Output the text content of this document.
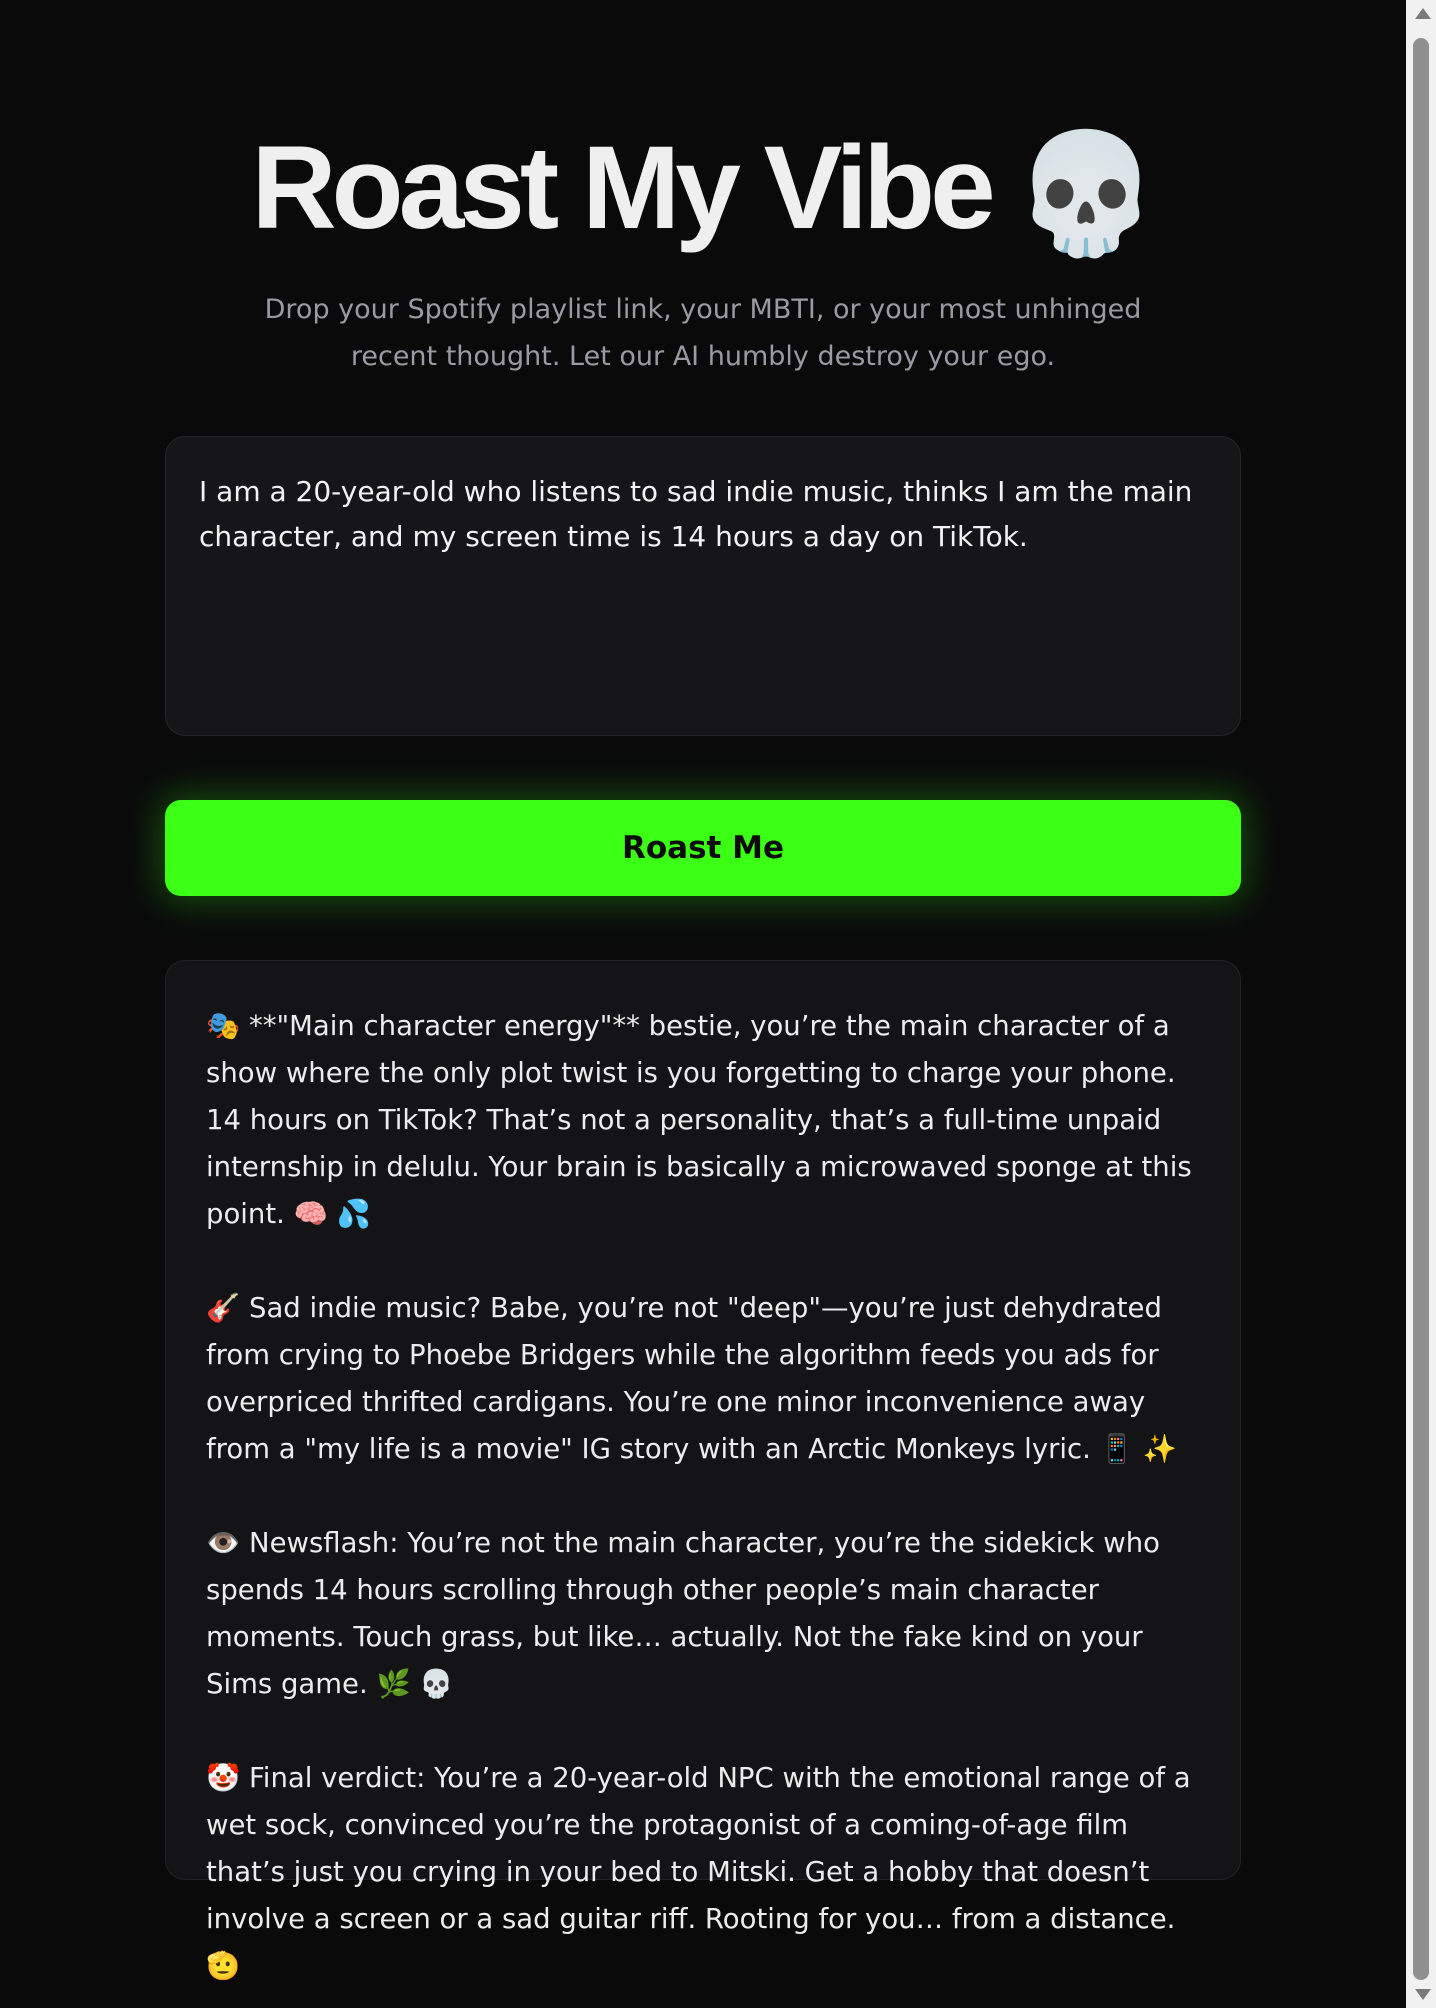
Roast My Vibe 💀

Drop your Spotify playlist link, your MBTI, or your most unhinged recent thought. Let our AI humbly destroy your ego.

I am a 20-year-old who listens to sad indie music, thinks I am the main character, and my screen time is 14 hours a day on TikTok.
Roast Me

🎭 **"Main character energy"** bestie, you’re the main character of a show where the only plot twist is you forgetting to charge your phone. 14 hours on TikTok? That’s not a personality, that’s a full-time unpaid internship in delulu. Your brain is basically a microwaved sponge at this point. 🧠 💦

🎸 Sad indie music? Babe, you’re not "deep"—you’re just dehydrated from crying to Phoebe Bridgers while the algorithm feeds you ads for overpriced thrifted cardigans. You’re one minor inconvenience away from a "my life is a movie" IG story with an Arctic Monkeys lyric. 📱 ✨

👁️ Newsflash: You’re not the main character, you’re the sidekick who spends 14 hours scrolling through other people’s main character moments. Touch grass, but like… actually. Not the fake kind on your Sims game. 🌿 💀

🤡 Final verdict: You’re a 20-year-old NPC with the emotional range of a wet sock, convinced you’re the protagonist of a coming-of-age film that’s just you crying in your bed to Mitski. Get a hobby that doesn’t involve a screen or a sad guitar riff. Rooting for you… from a distance. 🫡
